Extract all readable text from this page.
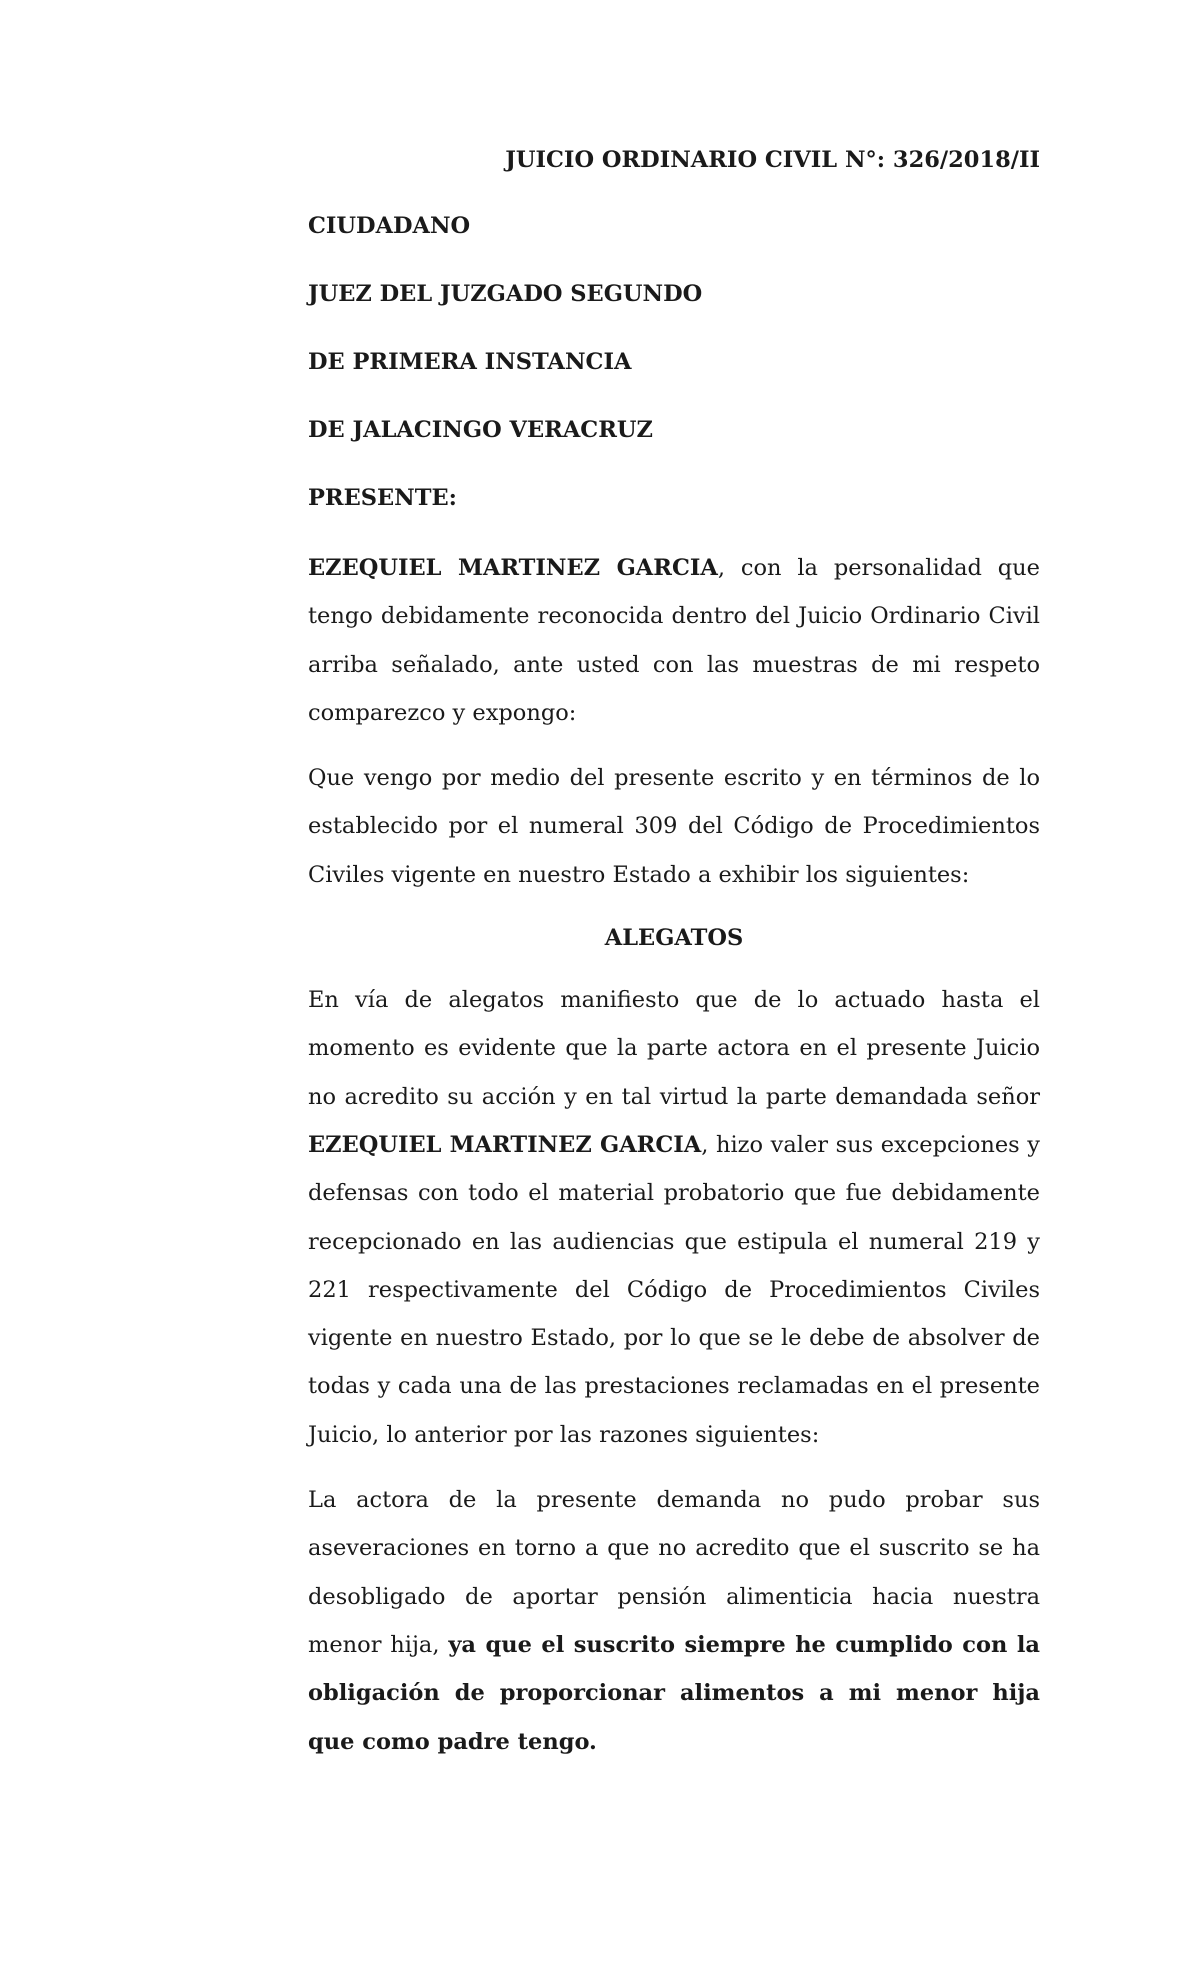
JUICIO ORDINARIO CIVIL N°: 326/2018/II
CIUDADANO
JUEZ DEL JUZGADO SEGUNDO
DE PRIMERA INSTANCIA
DE JALACINGO VERACRUZ
PRESENTE:

EZEQUIEL MARTINEZ GARCIA, con la personalidad que tengo debidamente reconocida dentro del Juicio Ordinario Civil arriba señalado, ante usted con las muestras de mi respeto comparezco y expongo:

Que vengo por medio del presente escrito y en términos de lo establecido por el numeral 309 del Código de Procedimientos Civiles vigente en nuestro Estado a exhibir los siguientes:

ALEGATOS

En vía de alegatos manifiesto que de lo actuado hasta el momento es evidente que la parte actora en el presente Juicio no acredito su acción y en tal virtud la parte demandada señor EZEQUIEL MARTINEZ GARCIA, hizo valer sus excepciones y defensas con todo el material probatorio que fue debidamente recepcionado en las audiencias que estipula el numeral 219 y 221 respectivamente del Código de Procedimientos Civiles vigente en nuestro Estado, por lo que se le debe de absolver de todas y cada una de las prestaciones reclamadas en el presente Juicio, lo anterior por las razones siguientes:

La actora de la presente demanda no pudo probar sus aseveraciones en torno a que no acredito que el suscrito se ha desobligado de aportar pensión alimenticia hacia nuestra menor hija, ya que el suscrito siempre he cumplido con la obligación de proporcionar alimentos a mi menor hija que como padre tengo.
